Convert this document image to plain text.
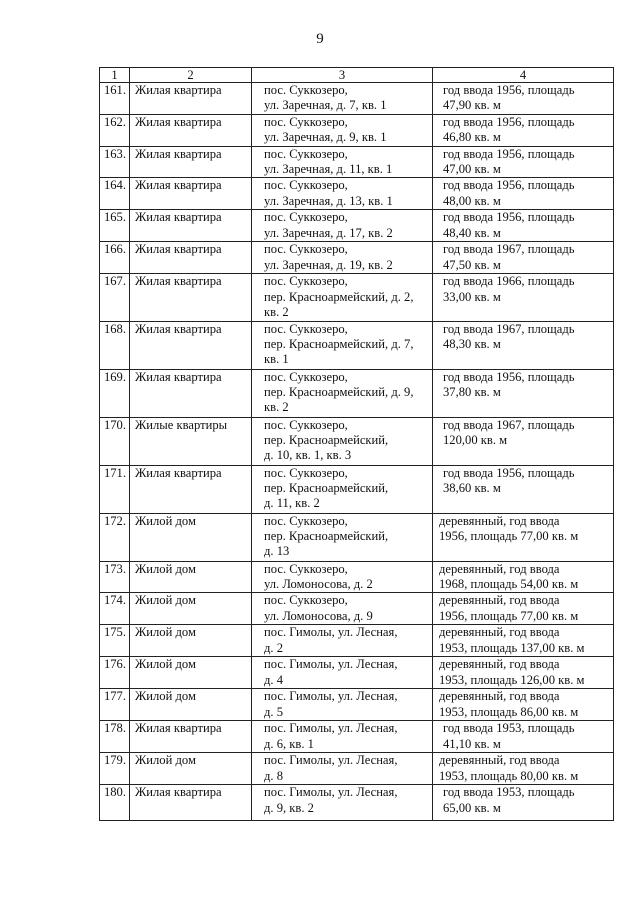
9
1	2	3	4
161.	Жилая квартира	пос. Суккозеро,
ул. Заречная, д. 7, кв. 1	год ввода 1956, площадь
47,90 кв. м

162.	Жилая квартира	пос. Суккозеро,
ул. Заречная, д. 9, кв. 1	год ввода 1956, площадь
46,80 кв. м

163.	Жилая квартира	пос. Суккозеро,
ул. Заречная, д. 11, кв. 1	год ввода 1956, площадь
47,00 кв. м

164.	Жилая квартира	пос. Суккозеро,
ул. Заречная, д. 13, кв. 1	год ввода 1956, площадь
48,00 кв. м

165.	Жилая квартира	пос. Суккозеро,
ул. Заречная, д. 17, кв. 2	год ввода 1956, площадь
48,40 кв. м

166.	Жилая квартира	пос. Суккозеро,
ул. Заречная, д. 19, кв. 2	год ввода 1967, площадь
47,50 кв. м

167.	Жилая квартира	пос. Суккозеро,
пер. Красноармейский, д. 2,
кв. 2	год ввода 1966, площадь
33,00 кв. м

168.	Жилая квартира	пос. Суккозеро,
пер. Красноармейский, д. 7,
кв. 1	год ввода 1967, площадь
48,30 кв. м

169.	Жилая квартира	пос. Суккозеро,
пер. Красноармейский, д. 9,
кв. 2	год ввода 1956, площадь
37,80 кв. м

170.	Жилые квартиры	пос. Суккозеро,
пер. Красноармейский,
д. 10, кв. 1, кв. 3	год ввода 1967, площадь
120,00 кв. м

171.	Жилая квартира	пос. Суккозеро,
пер. Красноармейский,
д. 11, кв. 2	год ввода 1956, площадь
38,60 кв. м

172.	Жилой дом	пос. Суккозеро,
пер. Красноармейский,
д. 13	деревянный, год ввода
1956, площадь 77,00 кв. м

173.	Жилой дом	пос. Суккозеро,
ул. Ломоносова, д. 2	деревянный, год ввода
1968, площадь 54,00 кв. м

174.	Жилой дом	пос. Суккозеро,
ул. Ломоносова, д. 9	деревянный, год ввода
1956, площадь 77,00 кв. м

175.	Жилой дом	пос. Гимолы, ул. Лесная,
д. 2	деревянный, год ввода
1953, площадь 137,00 кв. м

176.	Жилой дом	пос. Гимолы, ул. Лесная,
д. 4	деревянный, год ввода
1953, площадь 126,00 кв. м

177.	Жилой дом	пос. Гимолы, ул. Лесная,
д. 5	деревянный, год ввода
1953, площадь 86,00 кв. м

178.	Жилая квартира	пос. Гимолы, ул. Лесная,
д. 6, кв. 1	год ввода 1953, площадь
41,10 кв. м

179.	Жилой дом	пос. Гимолы, ул. Лесная,
д. 8	деревянный, год ввода
1953, площадь 80,00 кв. м

180.	Жилая квартира	пос. Гимолы, ул. Лесная,
д. 9, кв. 2	год ввода 1953, площадь
65,00 кв. м
